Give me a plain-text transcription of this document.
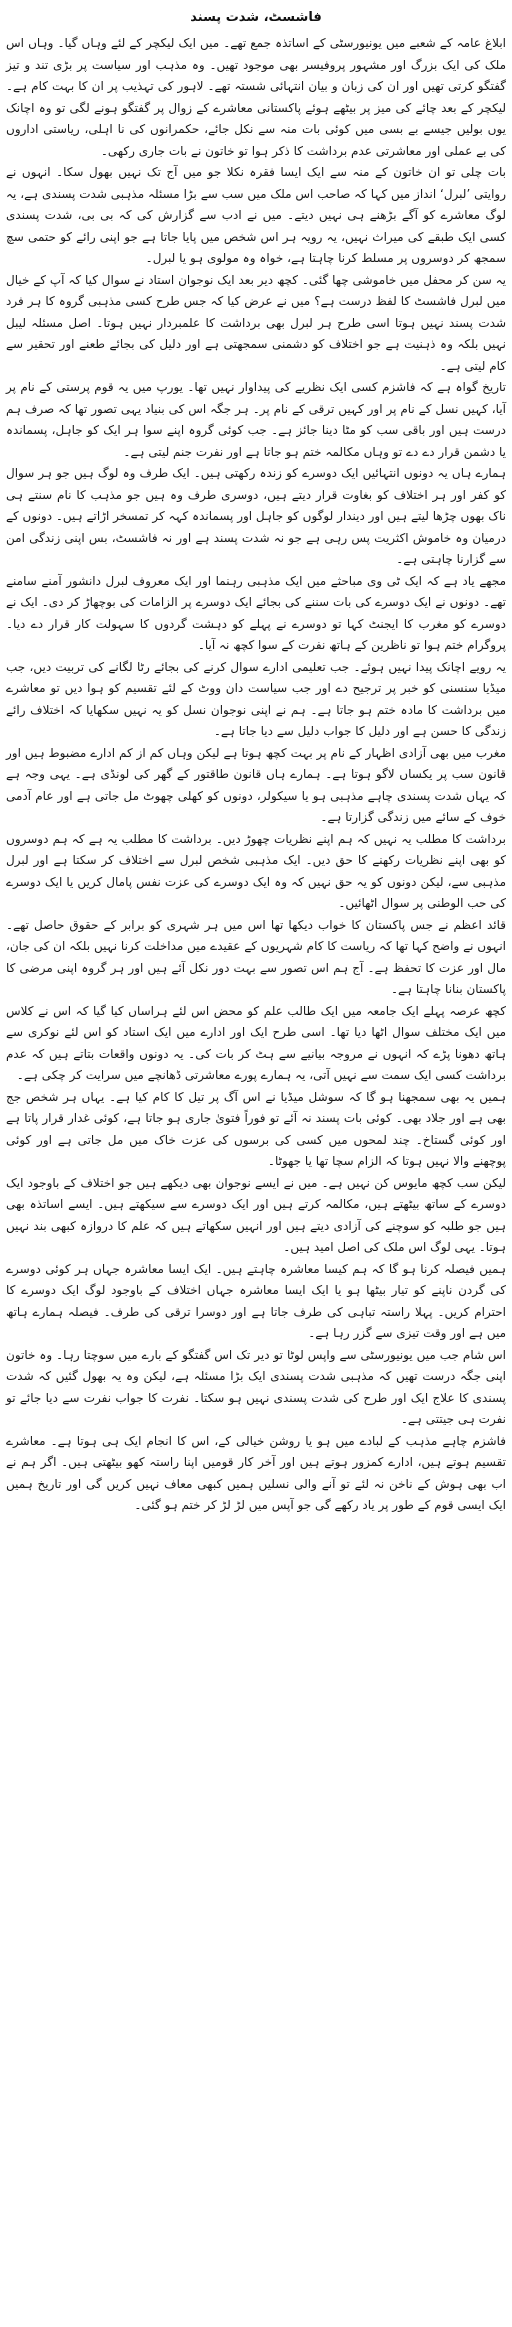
فاشسٹ، شدت پسند

ابلاغ عامہ کے شعبے میں یونیورسٹی کے اساتذہ جمع تھے۔ میں ایک لیکچر کے لئے وہاں گیا۔ وہاں اس ملک کی ایک بزرگ اور مشہور پروفیسر بھی موجود تھیں۔ وہ مذہب اور سیاست پر بڑی تند و تیز گفتگو کرتی تھیں اور ان کی زبان و بیان انتہائی شستہ تھے۔ لاہور کی تہذیب پر ان کا بہت کام ہے۔ لیکچر کے بعد چائے کی میز پر بیٹھے ہوئے پاکستانی معاشرے کے زوال پر گفتگو ہونے لگی تو وہ اچانک یوں بولیں جیسے بے بسی میں کوئی بات منہ سے نکل جائے، حکمرانوں کی نا اہلی، ریاستی اداروں کی بے عملی اور معاشرتی عدم برداشت کا ذکر ہوا تو خاتون نے بات جاری رکھی۔

بات چلی تو ان خاتون کے منہ سے ایک ایسا فقرہ نکلا جو میں آج تک نہیں بھول سکا۔ انہوں نے روایتی ’لبرل‘ انداز میں کہا کہ صاحب اس ملک میں سب سے بڑا مسئلہ مذہبی شدت پسندی ہے، یہ لوگ معاشرے کو آگے بڑھنے ہی نہیں دیتے۔ میں نے ادب سے گزارش کی کہ بی بی، شدت پسندی کسی ایک طبقے کی میراث نہیں، یہ رویہ ہر اس شخص میں پایا جاتا ہے جو اپنی رائے کو حتمی سچ سمجھ کر دوسروں پر مسلط کرنا چاہتا ہے، خواہ وہ مولوی ہو یا لبرل۔

یہ سن کر محفل میں خاموشی چھا گئی۔ کچھ دیر بعد ایک نوجوان استاد نے سوال کیا کہ آپ کے خیال میں لبرل فاشسٹ کا لفظ درست ہے؟ میں نے عرض کیا کہ جس طرح کسی مذہبی گروہ کا ہر فرد شدت پسند نہیں ہوتا اسی طرح ہر لبرل بھی برداشت کا علمبردار نہیں ہوتا۔ اصل مسئلہ لیبل نہیں بلکہ وہ ذہنیت ہے جو اختلاف کو دشمنی سمجھتی ہے اور دلیل کی بجائے طعنے اور تحقیر سے کام لیتی ہے۔

تاریخ گواہ ہے کہ فاشزم کسی ایک نظریے کی پیداوار نہیں تھا۔ یورپ میں یہ قوم پرستی کے نام پر آیا، کہیں نسل کے نام پر اور کہیں ترقی کے نام پر۔ ہر جگہ اس کی بنیاد یہی تصور تھا کہ صرف ہم درست ہیں اور باقی سب کو مٹا دینا جائز ہے۔ جب کوئی گروہ اپنے سوا ہر ایک کو جاہل، پسماندہ یا دشمن قرار دے دے تو وہاں مکالمہ ختم ہو جاتا ہے اور نفرت جنم لیتی ہے۔

ہمارے ہاں یہ دونوں انتہائیں ایک دوسرے کو زندہ رکھتی ہیں۔ ایک طرف وہ لوگ ہیں جو ہر سوال کو کفر اور ہر اختلاف کو بغاوت قرار دیتے ہیں، دوسری طرف وہ ہیں جو مذہب کا نام سنتے ہی ناک بھوں چڑھا لیتے ہیں اور دیندار لوگوں کو جاہل اور پسماندہ کہہ کر تمسخر اڑاتے ہیں۔ دونوں کے درمیان وہ خاموش اکثریت پس رہی ہے جو نہ شدت پسند ہے اور نہ فاشسٹ، بس اپنی زندگی امن سے گزارنا چاہتی ہے۔

مجھے یاد ہے کہ ایک ٹی وی مباحثے میں ایک مذہبی رہنما اور ایک معروف لبرل دانشور آمنے سامنے تھے۔ دونوں نے ایک دوسرے کی بات سننے کی بجائے ایک دوسرے پر الزامات کی بوچھاڑ کر دی۔ ایک نے دوسرے کو مغرب کا ایجنٹ کہا تو دوسرے نے پہلے کو دہشت گردوں کا سہولت کار قرار دے دیا۔ پروگرام ختم ہوا تو ناظرین کے ہاتھ نفرت کے سوا کچھ نہ آیا۔

یہ رویے اچانک پیدا نہیں ہوئے۔ جب تعلیمی ادارے سوال کرنے کی بجائے رٹا لگانے کی تربیت دیں، جب میڈیا سنسنی کو خبر پر ترجیح دے اور جب سیاست دان ووٹ کے لئے تقسیم کو ہوا دیں تو معاشرے میں برداشت کا مادہ ختم ہو جاتا ہے۔ ہم نے اپنی نوجوان نسل کو یہ نہیں سکھایا کہ اختلاف رائے زندگی کا حسن ہے اور دلیل کا جواب دلیل سے دیا جاتا ہے۔

مغرب میں بھی آزادی اظہار کے نام پر بہت کچھ ہوتا ہے لیکن وہاں کم از کم ادارے مضبوط ہیں اور قانون سب پر یکساں لاگو ہوتا ہے۔ ہمارے ہاں قانون طاقتور کے گھر کی لونڈی ہے۔ یہی وجہ ہے کہ یہاں شدت پسندی چاہے مذہبی ہو یا سیکولر، دونوں کو کھلی چھوٹ مل جاتی ہے اور عام آدمی خوف کے سائے میں زندگی گزارتا ہے۔

برداشت کا مطلب یہ نہیں کہ ہم اپنے نظریات چھوڑ دیں۔ برداشت کا مطلب یہ ہے کہ ہم دوسروں کو بھی اپنے نظریات رکھنے کا حق دیں۔ ایک مذہبی شخص لبرل سے اختلاف کر سکتا ہے اور لبرل مذہبی سے، لیکن دونوں کو یہ حق نہیں کہ وہ ایک دوسرے کی عزت نفس پامال کریں یا ایک دوسرے کی حب الوطنی پر سوال اٹھائیں۔

قائد اعظم نے جس پاکستان کا خواب دیکھا تھا اس میں ہر شہری کو برابر کے حقوق حاصل تھے۔ انہوں نے واضح کہا تھا کہ ریاست کا کام شہریوں کے عقیدے میں مداخلت کرنا نہیں بلکہ ان کی جان، مال اور عزت کا تحفظ ہے۔ آج ہم اس تصور سے بہت دور نکل آئے ہیں اور ہر گروہ اپنی مرضی کا پاکستان بنانا چاہتا ہے۔

کچھ عرصہ پہلے ایک جامعہ میں ایک طالب علم کو محض اس لئے ہراساں کیا گیا کہ اس نے کلاس میں ایک مختلف سوال اٹھا دیا تھا۔ اسی طرح ایک اور ادارے میں ایک استاد کو اس لئے نوکری سے ہاتھ دھونا پڑے کہ انہوں نے مروجہ بیانیے سے ہٹ کر بات کی۔ یہ دونوں واقعات بتاتے ہیں کہ عدم برداشت کسی ایک سمت سے نہیں آتی، یہ ہمارے پورے معاشرتی ڈھانچے میں سرایت کر چکی ہے۔

ہمیں یہ بھی سمجھنا ہو گا کہ سوشل میڈیا نے اس آگ پر تیل کا کام کیا ہے۔ یہاں ہر شخص جج بھی ہے اور جلاد بھی۔ کوئی بات پسند نہ آئے تو فوراً فتویٰ جاری ہو جاتا ہے، کوئی غدار قرار پاتا ہے اور کوئی گستاخ۔ چند لمحوں میں کسی کی برسوں کی عزت خاک میں مل جاتی ہے اور کوئی پوچھنے والا نہیں ہوتا کہ الزام سچا تھا یا جھوٹا۔

لیکن سب کچھ مایوس کن نہیں ہے۔ میں نے ایسے نوجوان بھی دیکھے ہیں جو اختلاف کے باوجود ایک دوسرے کے ساتھ بیٹھتے ہیں، مکالمہ کرتے ہیں اور ایک دوسرے سے سیکھتے ہیں۔ ایسے اساتذہ بھی ہیں جو طلبہ کو سوچنے کی آزادی دیتے ہیں اور انہیں سکھاتے ہیں کہ علم کا دروازہ کبھی بند نہیں ہوتا۔ یہی لوگ اس ملک کی اصل امید ہیں۔

ہمیں فیصلہ کرنا ہو گا کہ ہم کیسا معاشرہ چاہتے ہیں۔ ایک ایسا معاشرہ جہاں ہر کوئی دوسرے کی گردن ناپنے کو تیار بیٹھا ہو یا ایک ایسا معاشرہ جہاں اختلاف کے باوجود لوگ ایک دوسرے کا احترام کریں۔ پہلا راستہ تباہی کی طرف جاتا ہے اور دوسرا ترقی کی طرف۔ فیصلہ ہمارے ہاتھ میں ہے اور وقت تیزی سے گزر رہا ہے۔

اس شام جب میں یونیورسٹی سے واپس لوٹا تو دیر تک اس گفتگو کے بارے میں سوچتا رہا۔ وہ خاتون اپنی جگہ درست تھیں کہ مذہبی شدت پسندی ایک بڑا مسئلہ ہے، لیکن وہ یہ بھول گئیں کہ شدت پسندی کا علاج ایک اور طرح کی شدت پسندی نہیں ہو سکتا۔ نفرت کا جواب نفرت سے دیا جائے تو نفرت ہی جیتتی ہے۔

فاشزم چاہے مذہب کے لبادے میں ہو یا روشن خیالی کے، اس کا انجام ایک ہی ہوتا ہے۔ معاشرے تقسیم ہوتے ہیں، ادارے کمزور ہوتے ہیں اور آخر کار قومیں اپنا راستہ کھو بیٹھتی ہیں۔ اگر ہم نے اب بھی ہوش کے ناخن نہ لئے تو آنے والی نسلیں ہمیں کبھی معاف نہیں کریں گی اور تاریخ ہمیں ایک ایسی قوم کے طور پر یاد رکھے گی جو آپس میں لڑ لڑ کر ختم ہو گئی۔
